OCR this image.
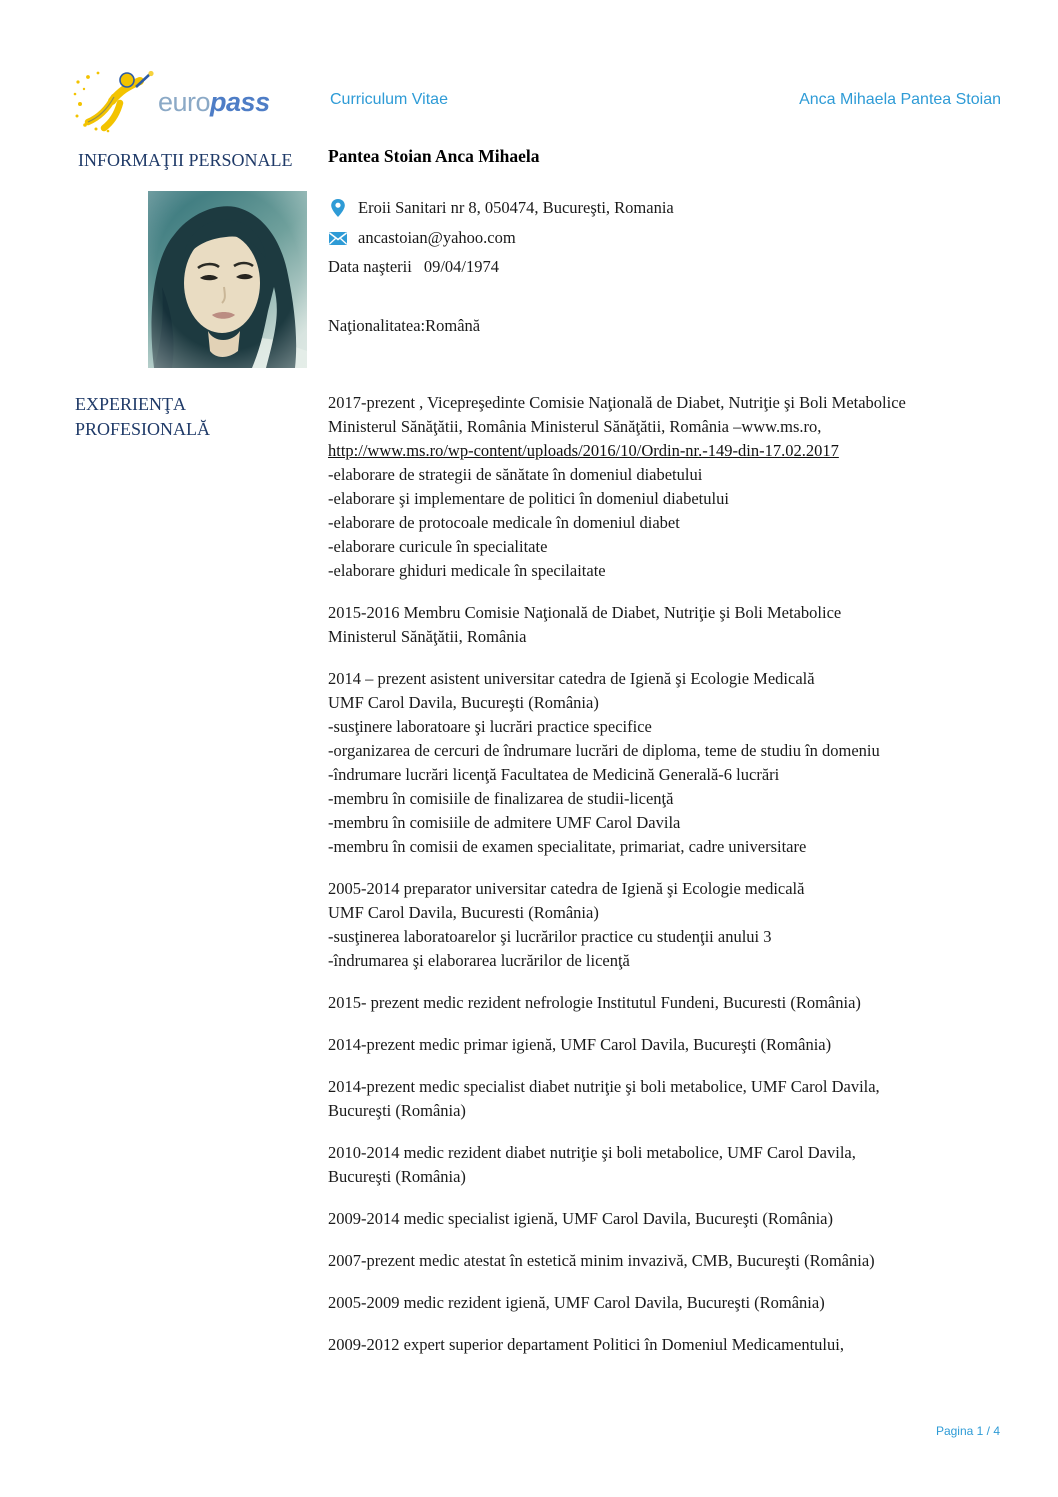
euro pass	Curriculum Vitae	Anca Mihaela Pantea Stoian
INFORMAŢII PERSONALE Pantea Stoian Anca Mihaela
Eroii Sanitari nr 8, 050474, Bucureşti, Romania
ancastoian@yahoo.com
Data naşterii 09/04/1974
Naţionalitatea:Română
EXPERIENŢA
PROFESIONALĂ
2017-prezent , Vicepreşedinte Comisie Naţională de Diabet, Nutriţie şi Boli Metabolice
Ministerul Sănăţătii, România Ministerul Sănăţătii, România –www.ms.ro,
http://www.ms.ro/wp-content/uploads/2016/10/Ordin-nr.-149-din-17.02.2017
-elaborare de strategii de sănătate în domeniul diabetului
-elaborare şi implementare de politici în domeniul diabetului
-elaborare de protocoale medicale în domeniul diabet
-elaborare curicule în specialitate
-elaborare ghiduri medicale în specilaitate
2015-2016 Membru Comisie Naţională de Diabet, Nutriţie şi Boli Metabolice
Ministerul Sănăţătii, România
2014 – prezent asistent universitar catedra de Igienă şi Ecologie Medicală
UMF Carol Davila, Bucureşti (România)
-susţinere laboratoare şi lucrări practice specifice
-organizarea de cercuri de îndrumare lucrări de diploma, teme de studiu în domeniu
-îndrumare lucrări licenţă Facultatea de Medicină Generală-6 lucrări
-membru în comisiile de finalizarea de studii-licenţă
-membru în comisiile de admitere UMF Carol Davila
-membru în comisii de examen specialitate, primariat, cadre universitare
2005-2014 preparator universitar catedra de Igienă şi Ecologie medicală
UMF Carol Davila, Bucuresti (România)
-susţinerea laboratoarelor şi lucrărilor practice cu studenţii anului 3
-îndrumarea şi elaborarea lucrărilor de licenţă
2015- prezent medic rezident nefrologie Institutul Fundeni, Bucuresti (România)
2014-prezent medic primar igienă, UMF Carol Davila, Bucureşti (România)
2014-prezent medic specialist diabet nutriţie şi boli metabolice, UMF Carol Davila,
Bucureşti (România)
2010-2014 medic rezident diabet nutriţie şi boli metabolice, UMF Carol Davila,
Bucureşti (România)
2009-2014 medic specialist igienă, UMF Carol Davila, Bucureşti (România)
2007-prezent medic atestat în estetică minim invazivă, CMB, Bucureşti (România)
2005-2009 medic rezident igienă, UMF Carol Davila, Bucureşti (România)
2009-2012 expert superior departament Politici în Domeniul Medicamentului,
Pagina 1 / 4
